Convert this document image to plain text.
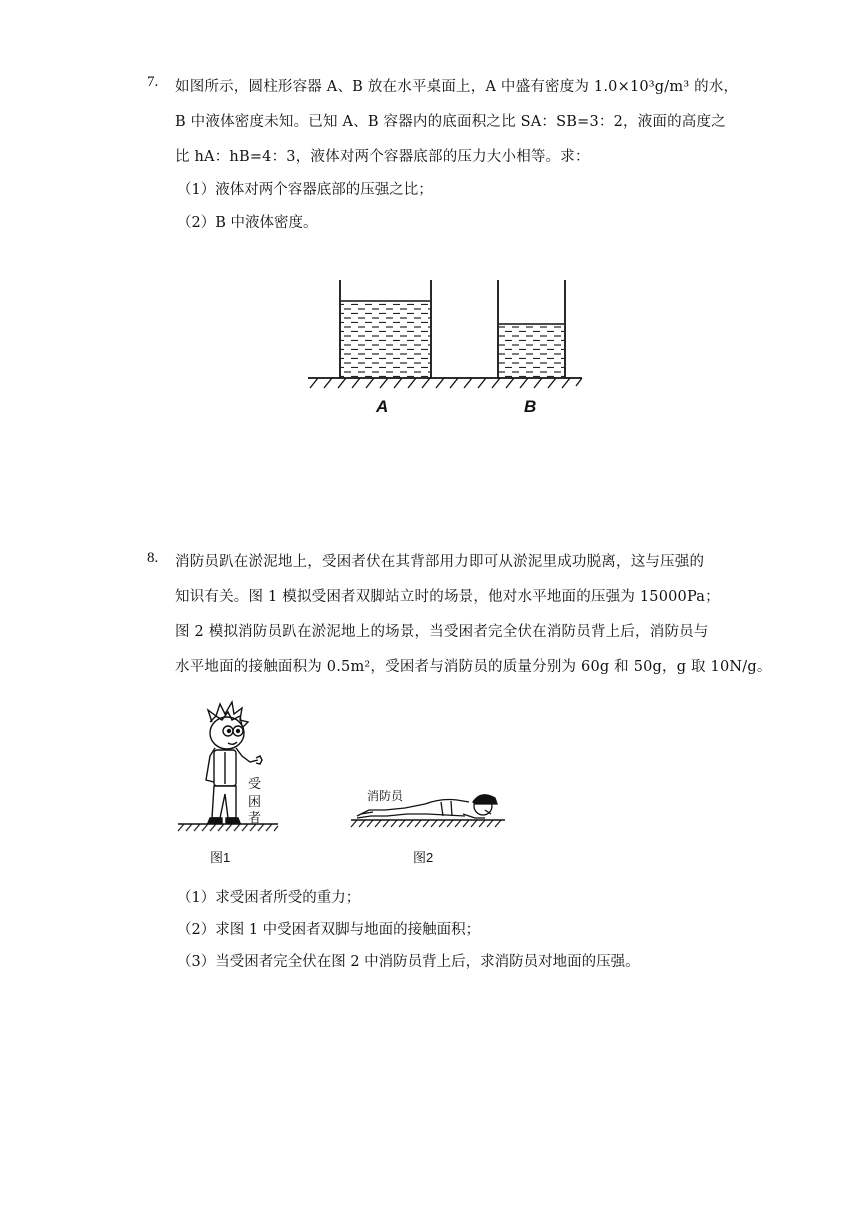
7. 如图所示，圆柱形容器 A、B 放在水平桌面上，A 中盛有密度为 1.0×10³g/m³ 的水，
B 中液体密度未知。已知 A、B 容器内的底面积之比 SA：SB=3：2，液面的高度之
比 hA：hB=4：3，液体对两个容器底部的压力大小相等。求：
（1）液体对两个容器底部的压强之比；
（2）B 中液体密度。
A	B
8. 消防员趴在淤泥地上，受困者伏在其背部用力即可从淤泥里成功脱离，这与压强的
知识有关。图 1 模拟受困者双脚站立时的场景，他对水平地面的压强为 15000Pa；
图 2 模拟消防员趴在淤泥地上的场景，当受困者完全伏在消防员背上后，消防员与
水平地面的接触面积为 0.5m²，受困者与消防员的质量分别为 60g 和 50g，g 取 10N/g。
受
困
者
图1
消防员
图2
（1）求受困者所受的重力；
（2）求图 1 中受困者双脚与地面的接触面积；
（3）当受困者完全伏在图 2 中消防员背上后，求消防员对地面的压强。
